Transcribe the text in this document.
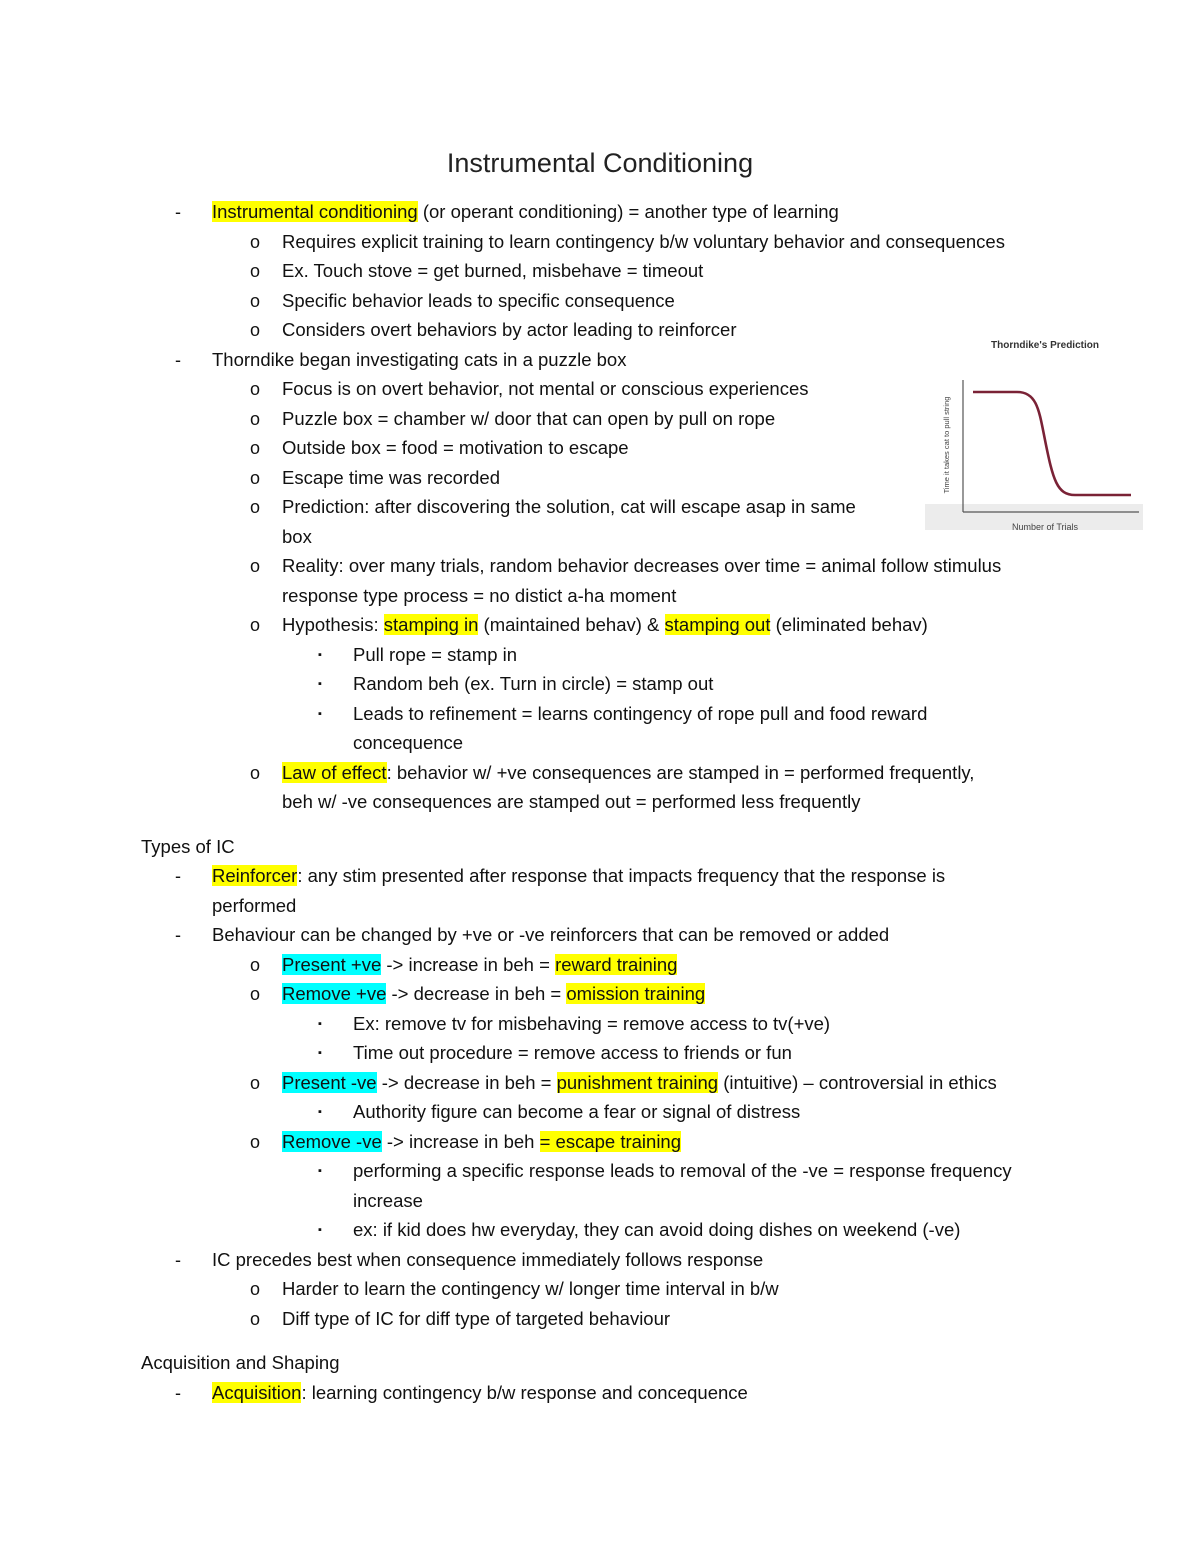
Instrumental Conditioning
- Instrumental conditioning (or operant conditioning) = another type of learning
o Requires explicit training to learn contingency b/w voluntary behavior and consequences
o Ex. Touch stove = get burned, misbehave = timeout
o Specific behavior leads to specific consequence
o Considers overt behaviors by actor leading to reinforcer
- Thorndike began investigating cats in a puzzle box
o Focus is on overt behavior, not mental or conscious experiences
o Puzzle box = chamber w/ door that can open by pull on rope
o Outside box = food = motivation to escape
o Escape time was recorded
o Prediction: after discovering the solution, cat will escape asap in same
box
o Reality: over many trials, random behavior decreases over time = animal follow stimulus
response type process = no distict a-ha moment
o Hypothesis: stamping in (maintained behav) & stamping out (eliminated behav)
▪ Pull rope = stamp in
▪ Random beh (ex. Turn in circle) = stamp out
▪ Leads to refinement = learns contingency of rope pull and food reward
concequence
o Law of effect: behavior w/ +ve consequences are stamped in = performed frequently,
beh w/ -ve consequences are stamped out = performed less frequently
Types of IC
- Reinforcer: any stim presented after response that impacts frequency that the response is
performed
- Behaviour can be changed by +ve or -ve reinforcers that can be removed or added
o Present +ve -> increase in beh = reward training
o Remove +ve -> decrease in beh = omission training
▪ Ex: remove tv for misbehaving = remove access to tv(+ve)
▪ Time out procedure = remove access to friends or fun
o Present -ve -> decrease in beh = punishment training (intuitive) – controversial in ethics
▪ Authority figure can become a fear or signal of distress
o Remove -ve -> increase in beh = escape training
▪ performing a specific response leads to removal of the -ve = response frequency
increase
▪ ex: if kid does hw everyday, they can avoid doing dishes on weekend (-ve)
- IC precedes best when consequence immediately follows response
o Harder to learn the contingency w/ longer time interval in b/w
o Diff type of IC for diff type of targeted behaviour
Acquisition and Shaping
- Acquisition: learning contingency b/w response and concequence
Thorndike's Prediction
Time it takes cat to pull string
Number of Trials
